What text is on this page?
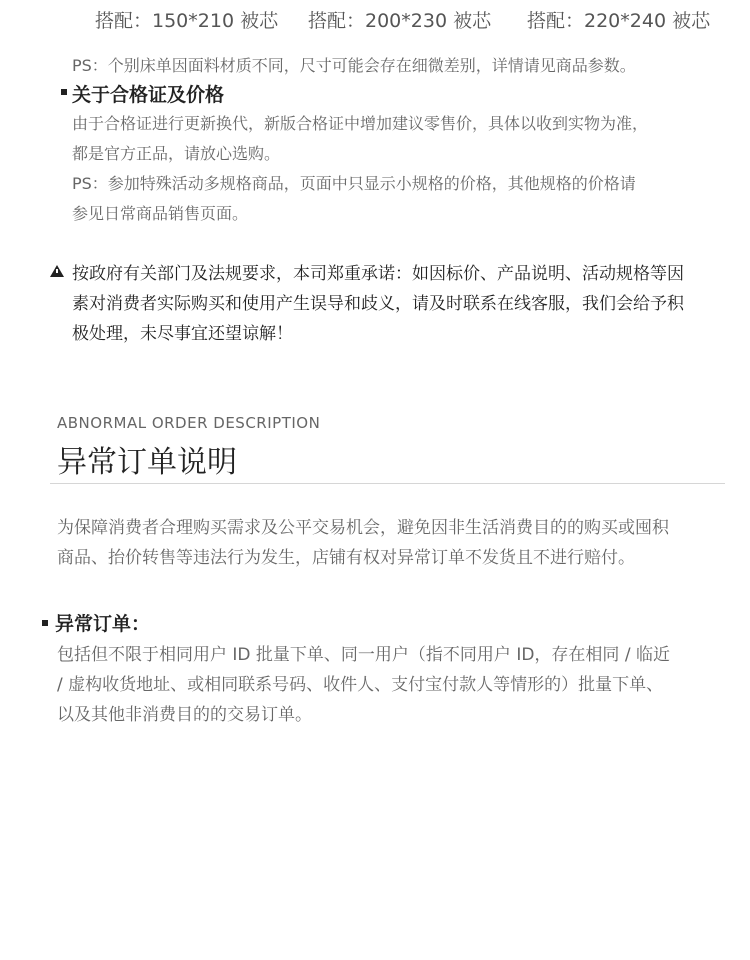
搭配：150*210 被芯 搭配：200*230 被芯 搭配：220*240 被芯
PS：个别床单因面料材质不同，尺寸可能会存在细微差别，详情请见商品参数。
关于合格证及价格
由于合格证进行更新换代，新版合格证中增加建议零售价，具体以收到实物为准，
都是官方正品，请放心选购。
PS：参加特殊活动多规格商品，页面中只显示小规格的价格，其他规格的价格请
参见日常商品销售页面。
按政府有关部门及法规要求，本司郑重承诺：如因标价、产品说明、活动规格等因
素对消费者实际购买和使用产生误导和歧义，请及时联系在线客服，我们会给予积
极处理，未尽事宜还望谅解！
ABNORMAL ORDER DESCRIPTION
异常订单说明
为保障消费者合理购买需求及公平交易机会，避免因非生活消费目的的购买或囤积
商品、抬价转售等违法行为发生，店铺有权对异常订单不发货且不进行赔付。
异常订单：
包括但不限于相同用户 ID 批量下单、同一用户（指不同用户 ID，存在相同 / 临近
/ 虚构收货地址、或相同联系号码、收件人、支付宝付款人等情形的）批量下单、
以及其他非消费目的的交易订单。
